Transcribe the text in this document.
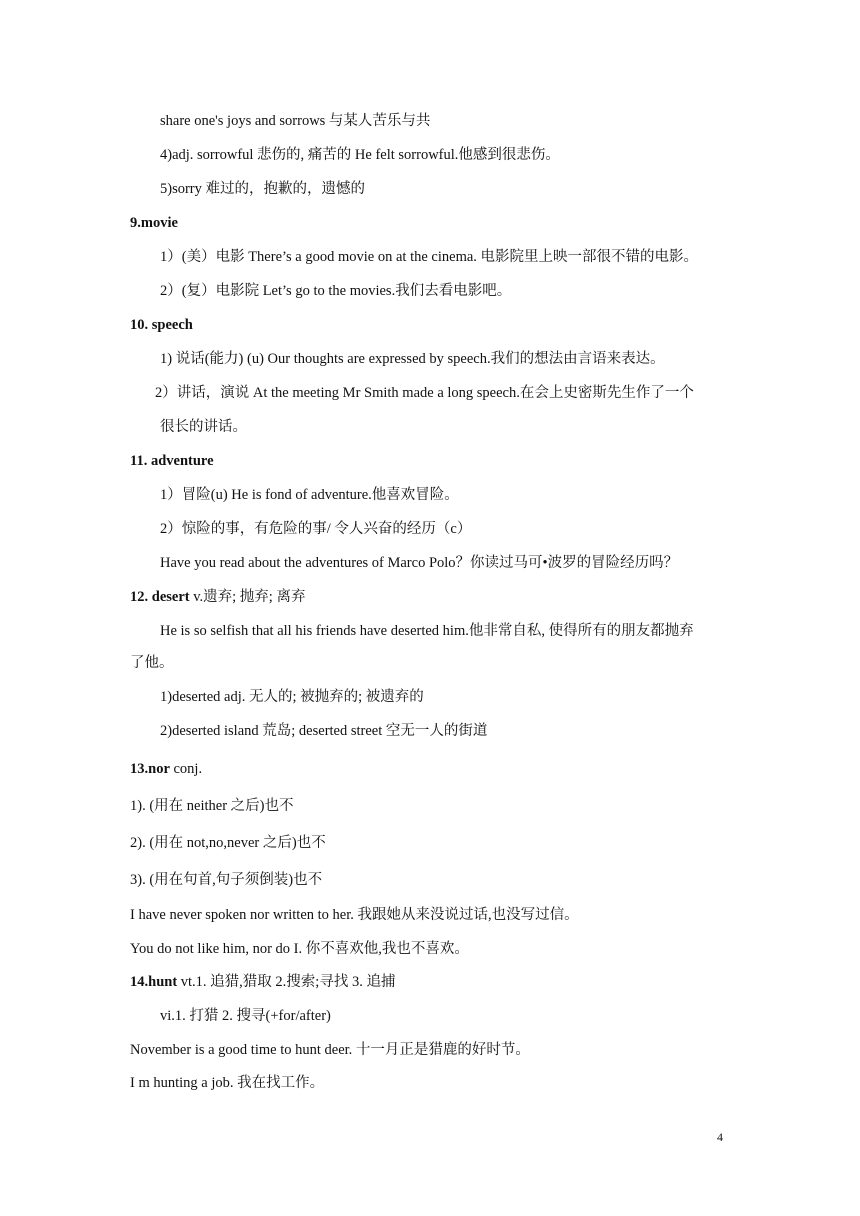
share one's joys and sorrows 与某人苦乐与共
4)adj. sorrowful 悲伤的, 痛苦的 He felt sorrowful.他感到很悲伤。
5)sorry 难过的，抱歉的，遗憾的
9.movie
1）(美）电影 There’s a good movie on at the cinema. 电影院里上映一部很不错的电影。
2）(复）电影院 Let’s go to the movies.我们去看电影吧。
10. speech
1) 说话(能力) (u) Our thoughts are expressed by speech.我们的想法由言语来表达。
2）讲话，演说 At the meeting Mr Smith made a long speech.在会上史密斯先生作了一个
很长的讲话。
11. adventure
1）冒险(u) He is fond of adventure.他喜欢冒险。
2）惊险的事，有危险的事/ 令人兴奋的经历（c）
Have you read about the adventures of Marco Polo？你读过马可•波罗的冒险经历吗？
12. desert v.遗弃; 抛弃; 离弃
He is so selfish that all his friends have deserted him.他非常自私, 使得所有的朋友都抛弃
了他。
1)deserted adj. 无人的; 被抛弃的; 被遗弃的
2)deserted island 荒岛; deserted street 空无一人的街道
13.nor conj.
1). (用在 neither 之后)也不
2). (用在 not,no,never 之后)也不
3). (用在句首,句子须倒装)也不
I have never spoken nor written to her. 我跟她从来没说过话,也没写过信。
You do not like him, nor do I. 你不喜欢他,我也不喜欢。
14.hunt vt.1. 追猎,猎取 2.搜索;寻找 3. 追捕
vi.1. 打猎 2. 搜寻(+for/after)
November is a good time to hunt deer. 十一月正是猎鹿的好时节。
I m hunting a job. 我在找工作。
4
